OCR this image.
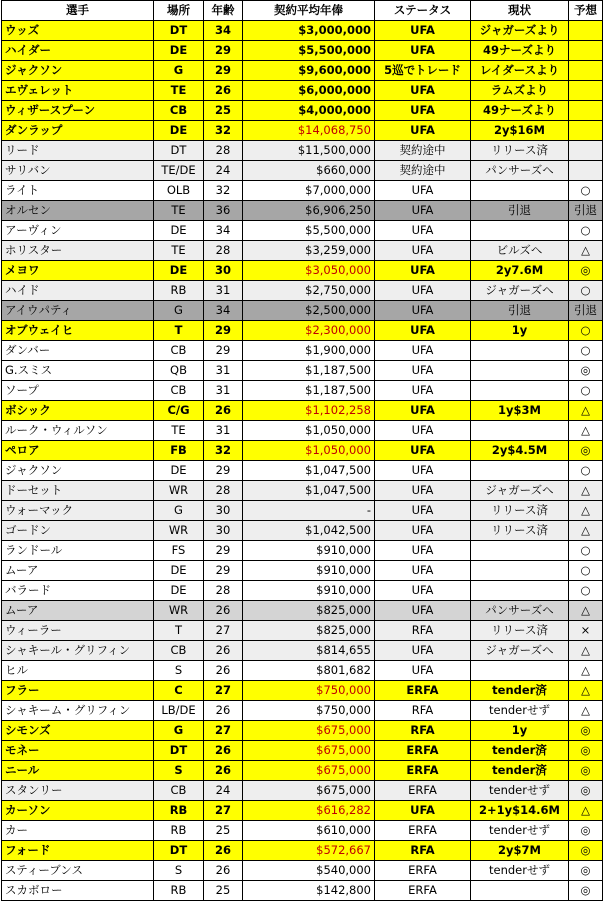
選手	場所	年齢	契約平均年俸	ステータス	現状	予想
ウッズ	DT	34	$3,000,000	UFA	ジャガーズより	
ハイダー	DE	29	$5,500,000	UFA	49ナーズより	
ジャクソン	G	29	$9,600,000	5巡でトレード	レイダースより	
エヴェレット	TE	26	$6,000,000	UFA	ラムズより	
ウィザースプーン	CB	25	$4,000,000	UFA	49ナーズより	
ダンラップ	DE	32	$14,068,750	UFA	2y$16M	
リード	DT	28	$11,500,000	契約途中	リリース済	
サリバン	TE/DE	24	$660,000	契約途中	パンサーズへ	
ライト	OLB	32	$7,000,000	UFA		○
オルセン	TE	36	$6,906,250	UFA	引退	引退
アーヴィン	DE	34	$5,500,000	UFA		○
ホリスター	TE	28	$3,259,000	UFA	ビルズへ	△
メヨワ	DE	30	$3,050,000	UFA	2y7.6M	◎
ハイド	RB	31	$2,750,000	UFA	ジャガーズへ	○
アイウパティ	G	34	$2,500,000	UFA	引退	引退
オブウェイヒ	T	29	$2,300,000	UFA	1y	○
ダンバー	CB	29	$1,900,000	UFA		○
G.スミス	QB	31	$1,187,500	UFA		◎
ソープ	CB	31	$1,187,500	UFA		○
ボシック	C/G	26	$1,102,258	UFA	1y$3M	△
ルーク・ウィルソン	TE	31	$1,050,000	UFA		△
ペロア	FB	32	$1,050,000	UFA	2y$4.5M	◎
ジャクソン	DE	29	$1,047,500	UFA		○
ドーセット	WR	28	$1,047,500	UFA	ジャガーズへ	△
ウォーマック	G	30	-	UFA	リリース済	△
ゴードン	WR	30	$1,042,500	UFA	リリース済	△
ランドール	FS	29	$910,000	UFA		○
ムーア	DE	29	$910,000	UFA		○
バラード	DE	28	$910,000	UFA		○
ムーア	WR	26	$825,000	UFA	パンサーズへ	△
ウィーラー	T	27	$825,000	RFA	リリース済	×
シャキール・グリフィン	CB	26	$814,655	UFA	ジャガーズへ	△
ヒル	S	26	$801,682	UFA		△
フラー	C	27	$750,000	ERFA	tender済	△
シャキーム・グリフィン	LB/DE	26	$750,000	RFA	tenderせず	△
シモンズ	G	27	$675,000	RFA	1y	◎
モネー	DT	26	$675,000	ERFA	tender済	◎
ニール	S	26	$675,000	ERFA	tender済	◎
スタンリー	CB	24	$675,000	ERFA	tenderせず	◎
カーソン	RB	27	$616,282	UFA	2+1y$14.6M	△
カー	RB	25	$610,000	ERFA	tenderせず	◎
フォード	DT	26	$572,667	RFA	2y$7M	◎
スティーブンス	S	26	$540,000	ERFA	tenderせず	◎
スカボロー	RB	25	$142,800	ERFA		◎
